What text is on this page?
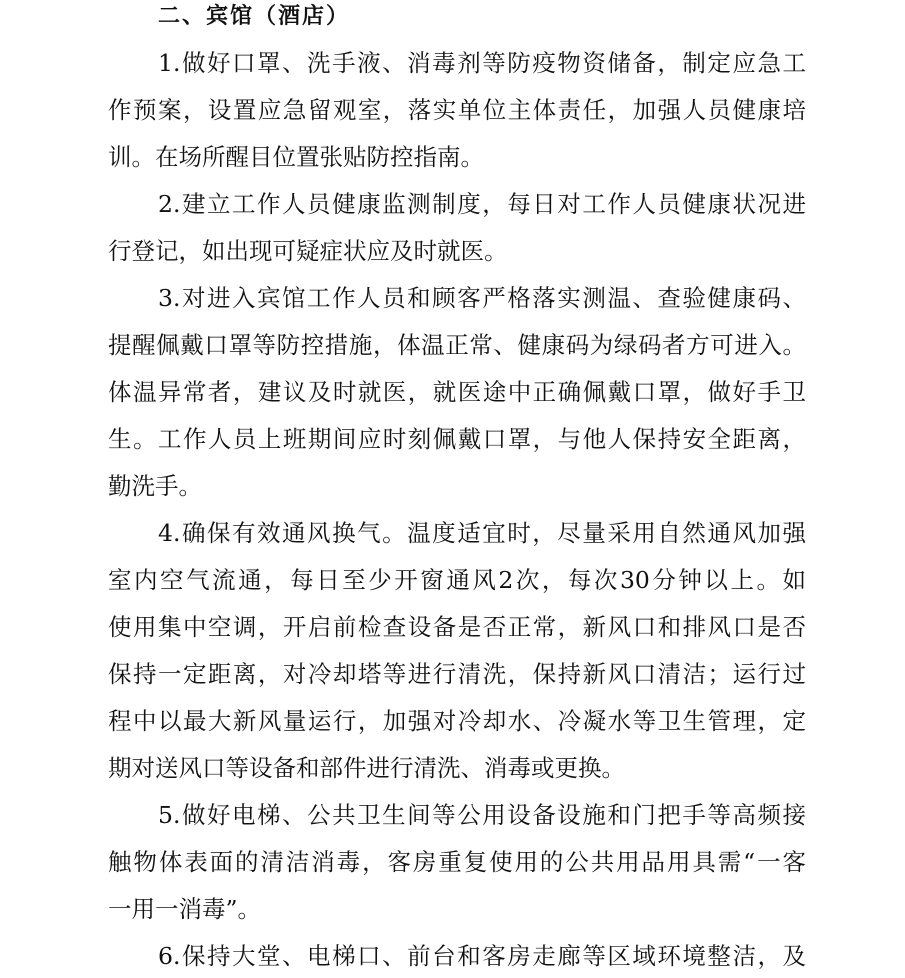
二、宾馆（酒店）

1.做好口罩、洗手液、消毒剂等防疫物资储备，制定应急工

作预案，设置应急留观室，落实单位主体责任，加强人员健康培

训。在场所醒目位置张贴防控指南。

2.建立工作人员健康监测制度，每日对工作人员健康状况进

行登记，如出现可疑症状应及时就医。

3.对进入宾馆工作人员和顾客严格落实测温、查验健康码、

提醒佩戴口罩等防控措施，体温正常、健康码为绿码者方可进入。

体温异常者，建议及时就医，就医途中正确佩戴口罩，做好手卫

生。工作人员上班期间应时刻佩戴口罩，与他人保持安全距离，

勤洗手。

4.确保有效通风换气。温度适宜时，尽量采用自然通风加强

室内空气流通，每日至少开窗通风2次，每次30分钟以上。如

使用集中空调，开启前检查设备是否正常，新风口和排风口是否

保持一定距离，对冷却塔等进行清洗，保持新风口清洁；运行过

程中以最大新风量运行，加强对冷却水、冷凝水等卫生管理，定

期对送风口等设备和部件进行清洗、消毒或更换。

5.做好电梯、公共卫生间等公用设备设施和门把手等高频接

触物体表面的清洁消毒，客房重复使用的公共用品用具需“一客

一用一消毒”。

6.保持大堂、电梯口、前台和客房走廊等区域环境整洁，及
